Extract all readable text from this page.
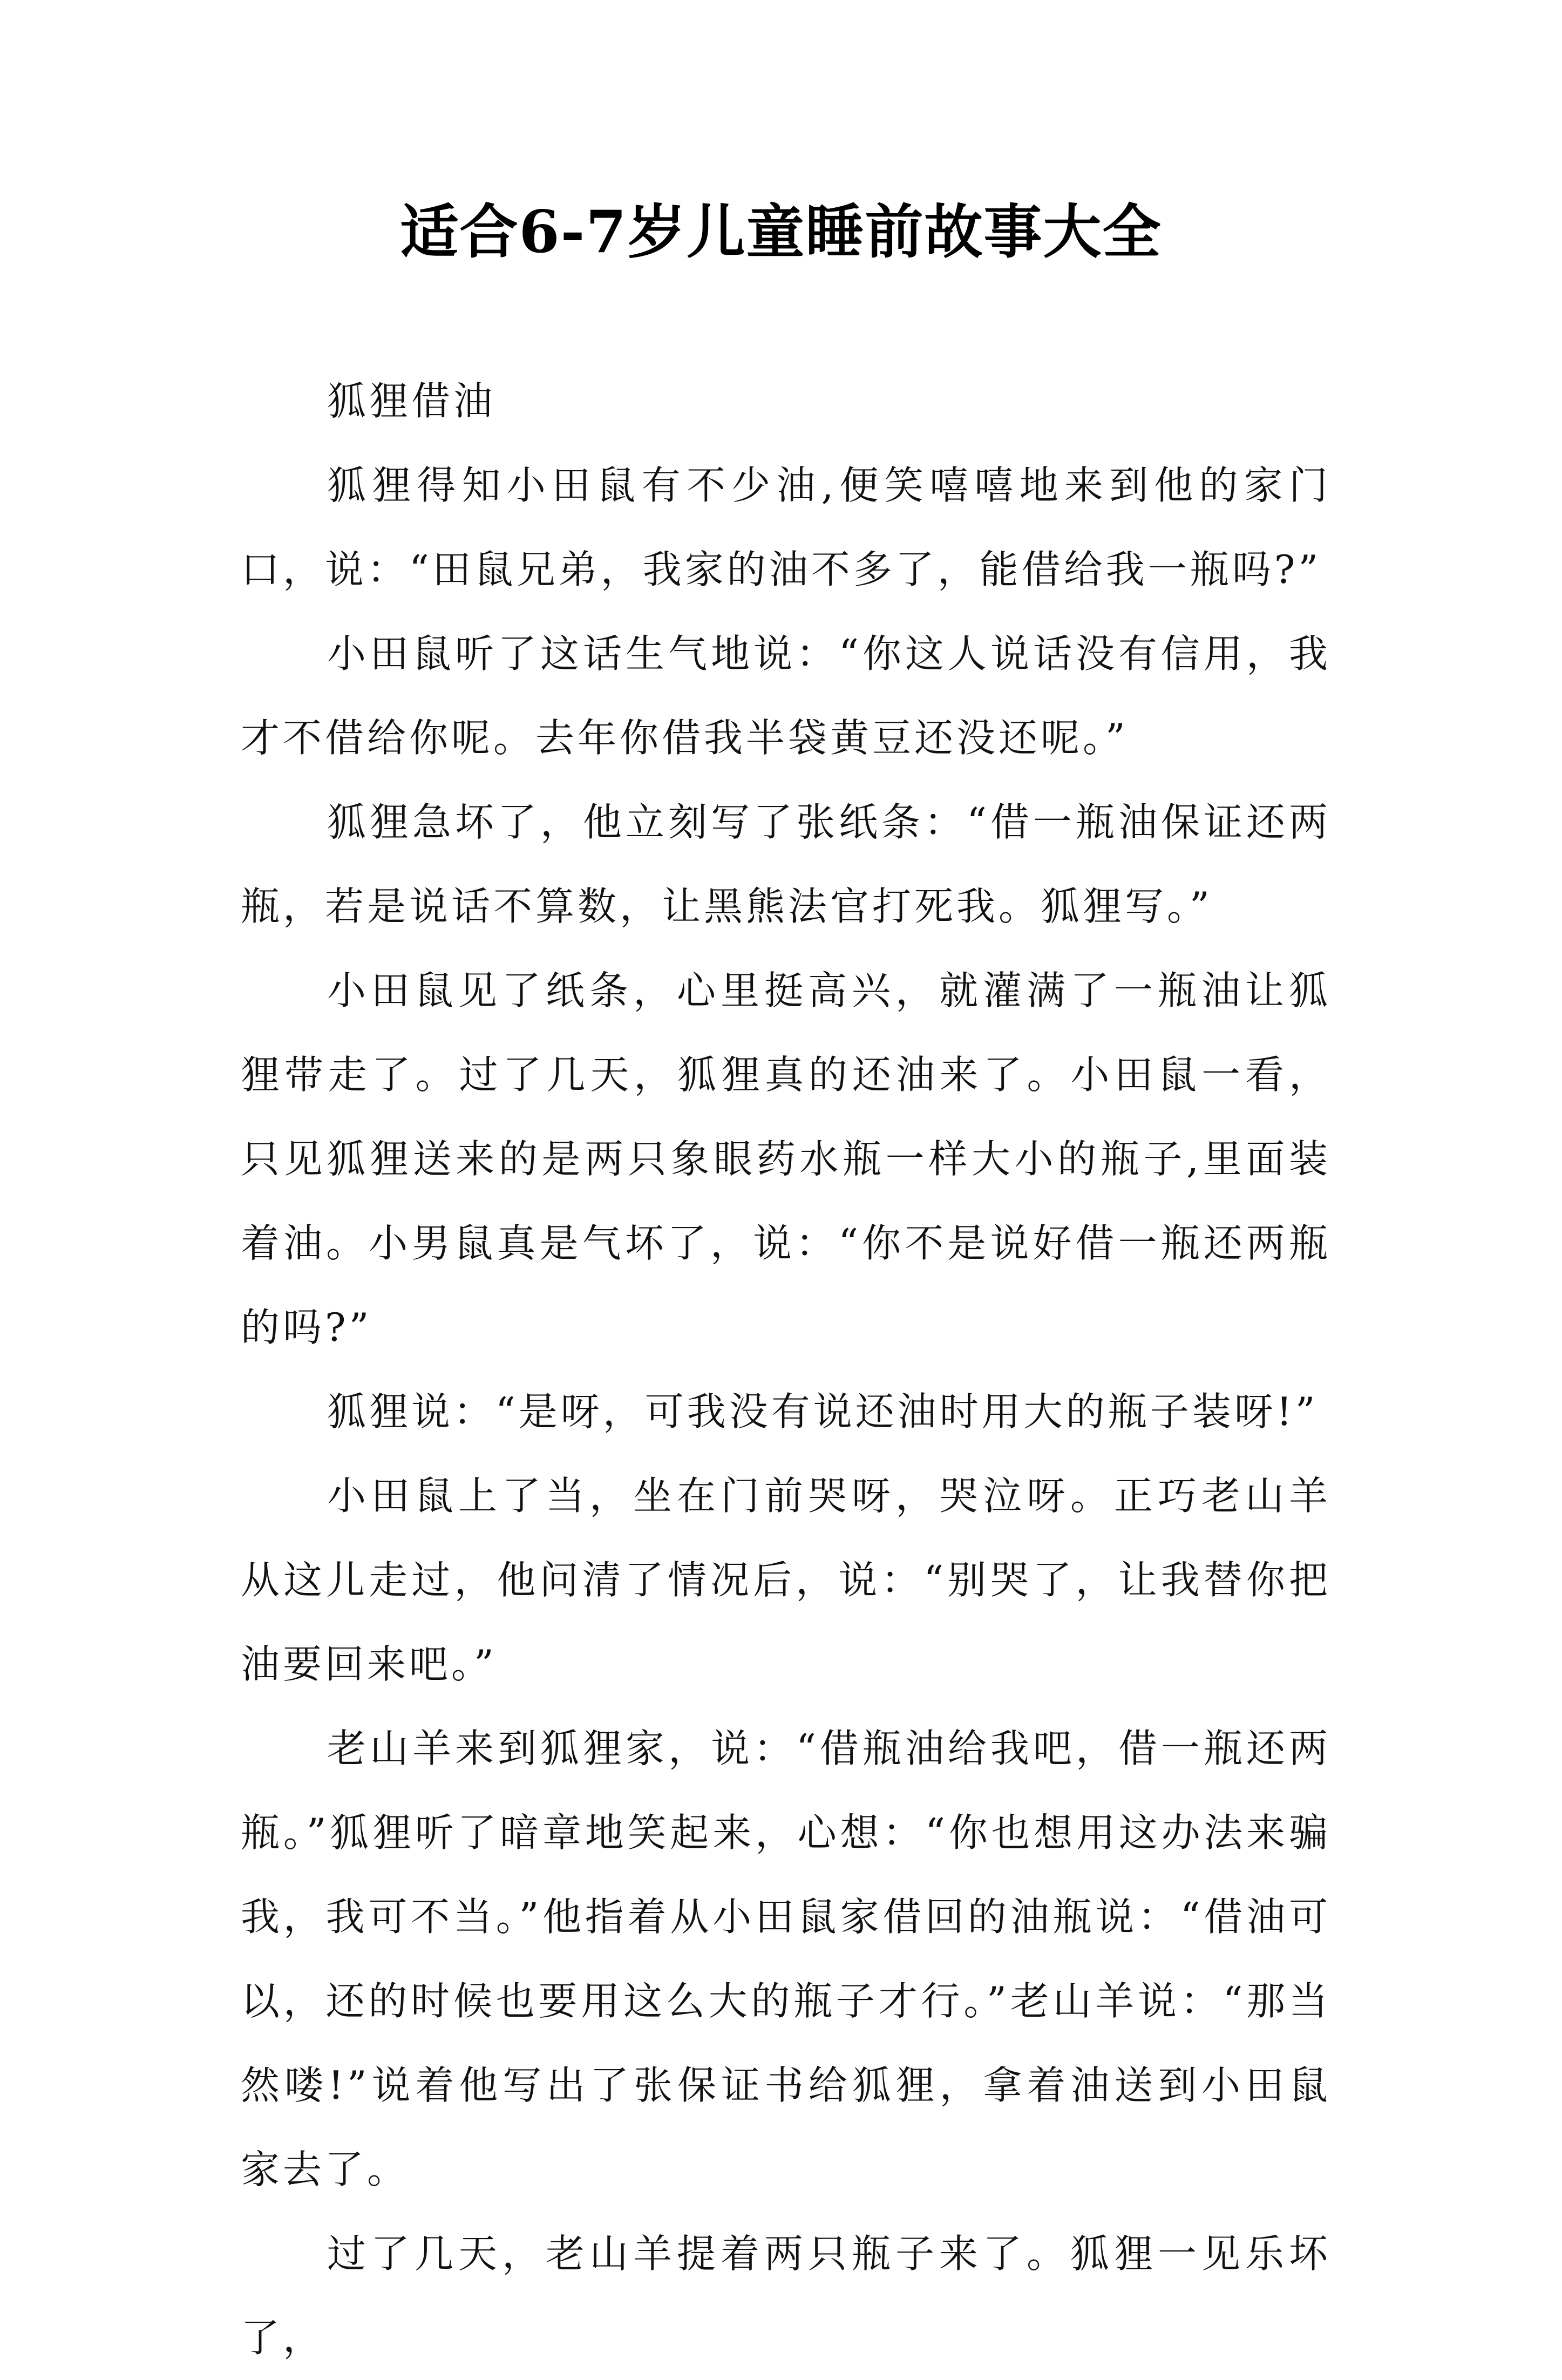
适合6-7岁儿童睡前故事大全

狐狸借油

狐狸得知小田鼠有不少油,便笑嘻嘻地来到他的家门口，说：“田鼠兄弟，我家的油不多了，能借给我一瓶吗?”

小田鼠听了这话生气地说：“你这人说话没有信用，我才不借给你呢。去年你借我半袋黄豆还没还呢。”

狐狸急坏了，他立刻写了张纸条：“借一瓶油保证还两瓶，若是说话不算数，让黑熊法官打死我。狐狸写。”

小田鼠见了纸条，心里挺高兴，就灌满了一瓶油让狐狸带走了。过了几天，狐狸真的还油来了。小田鼠一看，只见狐狸送来的是两只象眼药水瓶一样大小的瓶子,里面装着油。小男鼠真是气坏了，说：“你不是说好借一瓶还两瓶的吗?”

狐狸说：“是呀，可我没有说还油时用大的瓶子装呀!”

小田鼠上了当，坐在门前哭呀，哭泣呀。正巧老山羊从这儿走过，他问清了情况后，说：“别哭了，让我替你把油要回来吧。”

老山羊来到狐狸家，说：“借瓶油给我吧，借一瓶还两瓶。”狐狸听了暗章地笑起来，心想：“你也想用这办法来骗我，我可不当。”他指着从小田鼠家借回的油瓶说：“借油可以，还的时候也要用这么大的瓶子才行。”老山羊说：“那当然喽!”说着他写出了张保证书给狐狸，拿着油送到小田鼠家去了。

过了几天，老山羊提着两只瓶子来了。狐狸一见乐坏了，
